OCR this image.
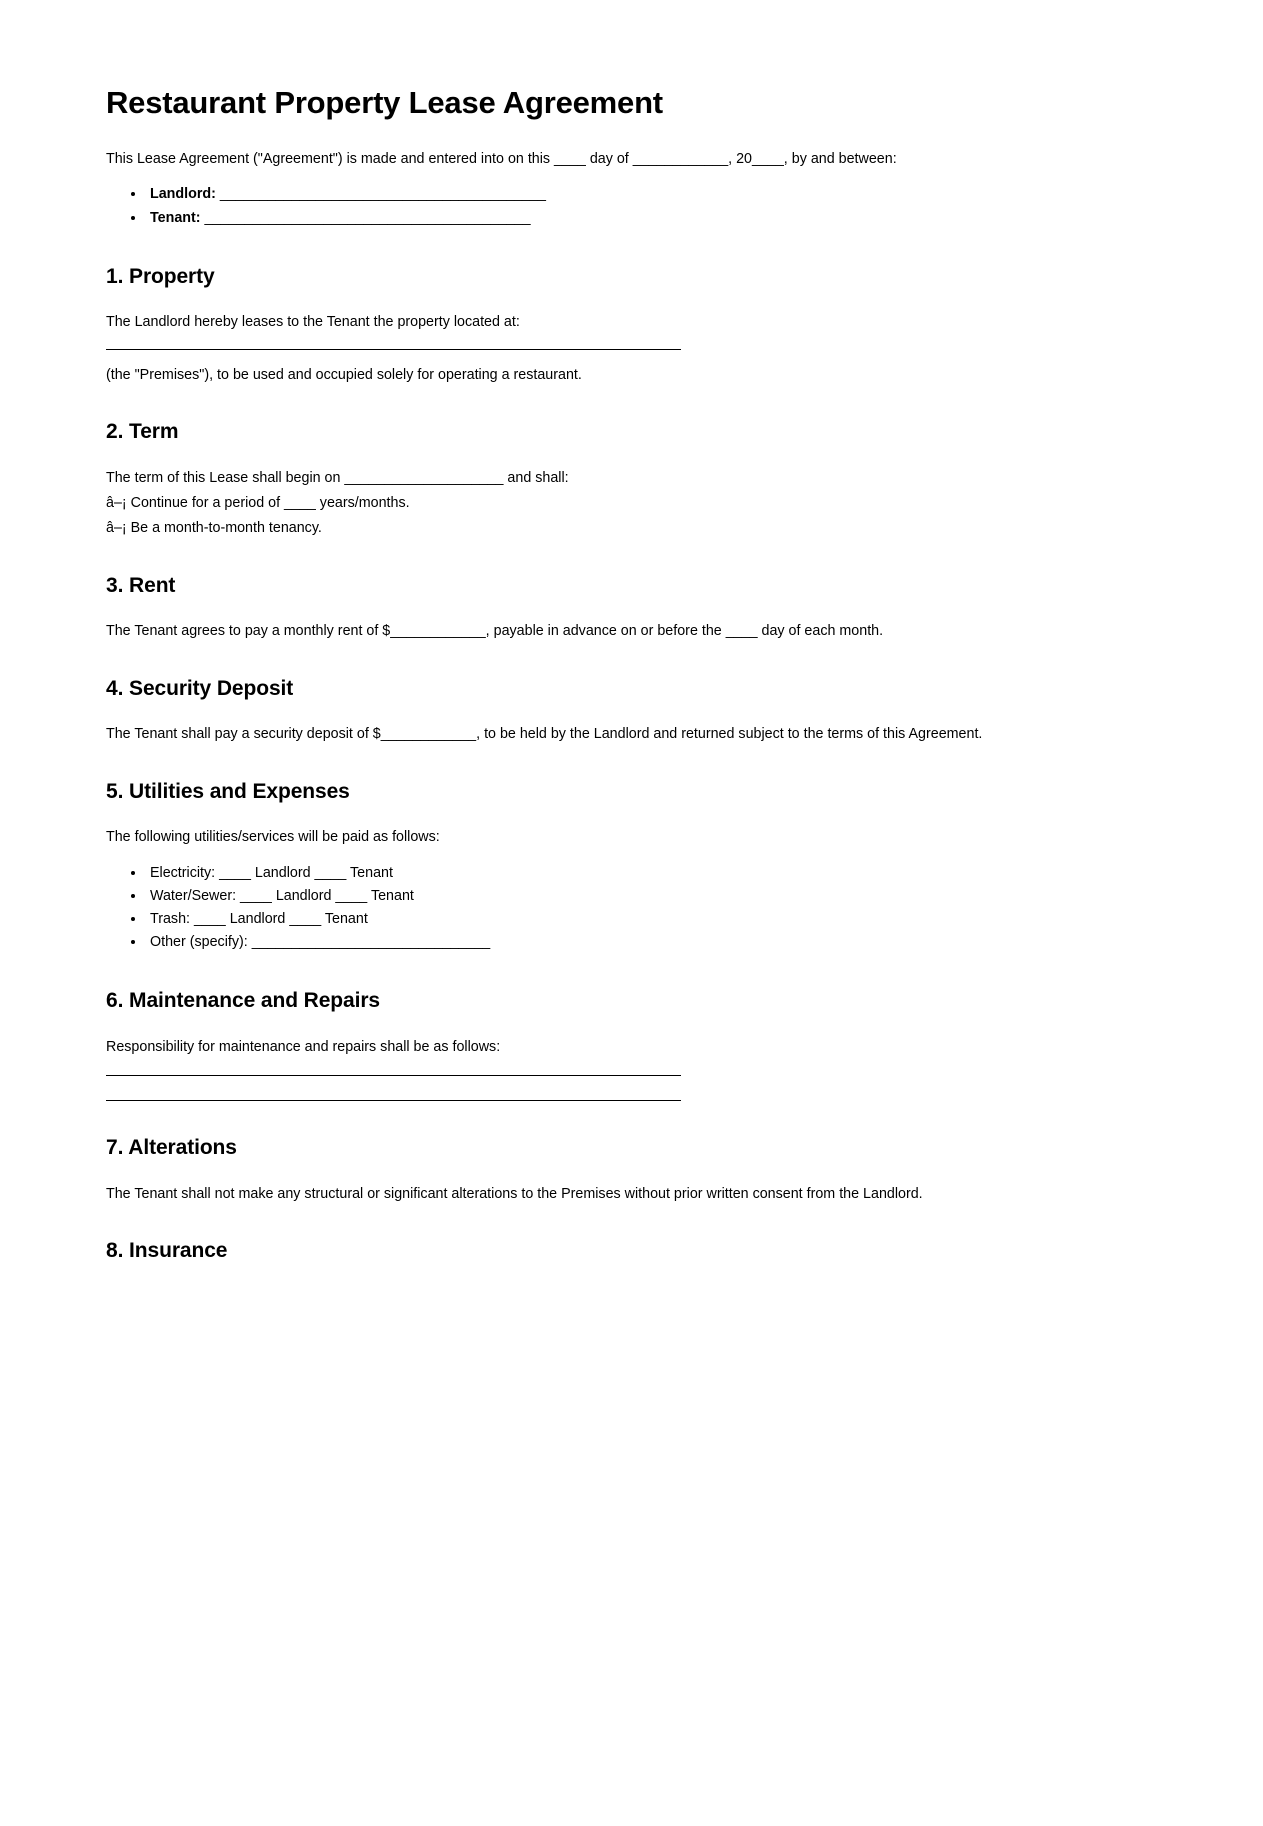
Restaurant Property Lease Agreement

This Lease Agreement ("Agreement") is made and entered into on this ____ day of ____________, 20____, by and between:

• Landlord: _________________________________________
• Tenant: _________________________________________
1. Property

The Landlord hereby leases to the Tenant the property located at:

(the "Premises"), to be used and occupied solely for operating a restaurant.

2. Term

The term of this Lease shall begin on ____________________ and shall:

â–¡ Continue for a period of ____ years/months.

â–¡ Be a month-to-month tenancy.

3. Rent

The Tenant agrees to pay a monthly rent of $____________, payable in advance on or before the ____ day of each month.

4. Security Deposit

The Tenant shall pay a security deposit of $____________, to be held by the Landlord and returned subject to the terms of this Agreement.

5. Utilities and Expenses

The following utilities/services will be paid as follows:

• Electricity: ____ Landlord ____ Tenant
• Water/Sewer: ____ Landlord ____ Tenant
• Trash: ____ Landlord ____ Tenant
• Other (specify): ______________________________
6. Maintenance and Repairs

Responsibility for maintenance and repairs shall be as follows:

7. Alterations

The Tenant shall not make any structural or significant alterations to the Premises without prior written consent from the Landlord.

8. Insurance
